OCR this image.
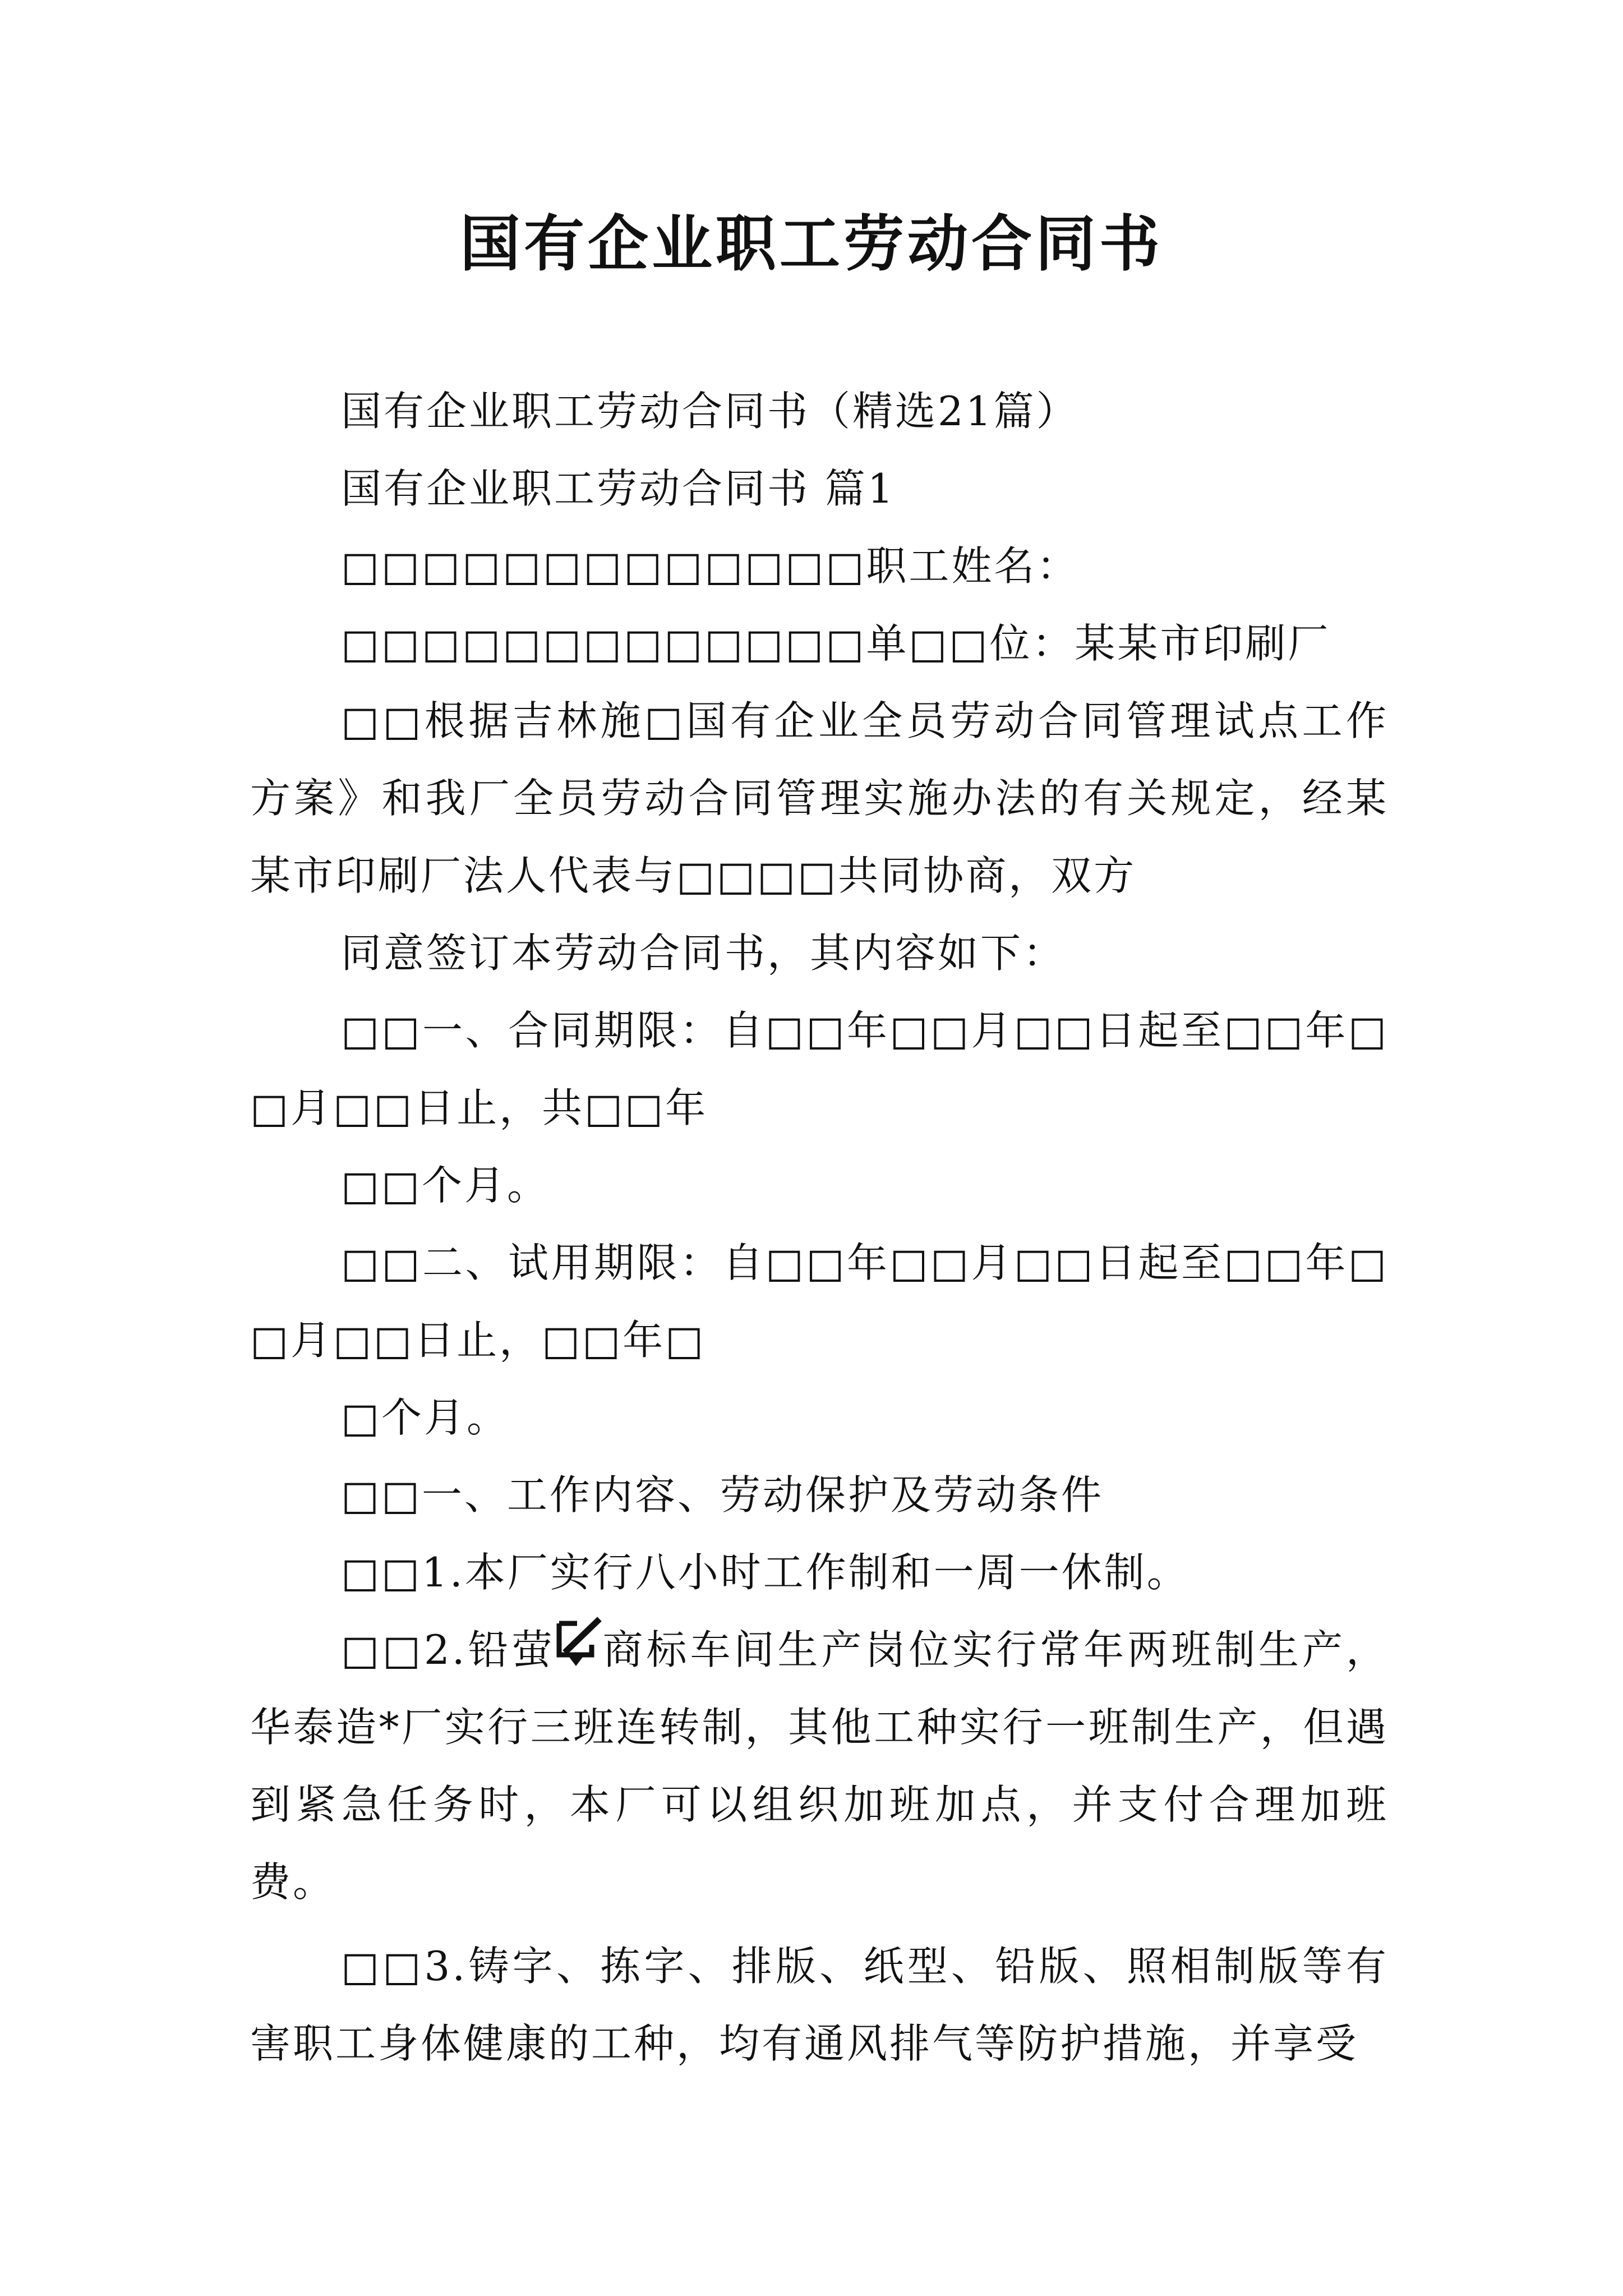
国有企业职工劳动合同书

国有企业职工劳动合同书（精选21篇）

国有企业职工劳动合同书 篇1

□□□□□□□□□□□□□职工姓名：

□□□□□□□□□□□□□单□□位：某某市印刷厂

□□根据吉林施□国有企业全员劳动合同管理试点工作方案》和我厂全员劳动合同管理实施办法的有关规定，经某某市印刷厂法人代表与□□□□共同协商，双方

同意签订本劳动合同书，其内容如下：

□□一、合同期限：自□□年□□月□□日起至□□年□□月□□日止，共□□年

□□个月。

□□二、试用期限：自□□年□□月□□日起至□□年□□月□□日止，□□年□

□个月。

□□一、工作内容、劳动保护及劳动条件

□□1.本厂实行八小时工作制和一周一休制。

□□2.铅萤 商标车间生产岗位实行常年两班制生产，华泰造*厂实行三班连转制，其他工种实行一班制生产，但遇到紧急任务时，本厂可以组织加班加点，并支付合理加班费。

□□3.铸字、拣字、排版、纸型、铅版、照相制版等有害职工身体健康的工种，均有通风排气等防护措施，并享受
